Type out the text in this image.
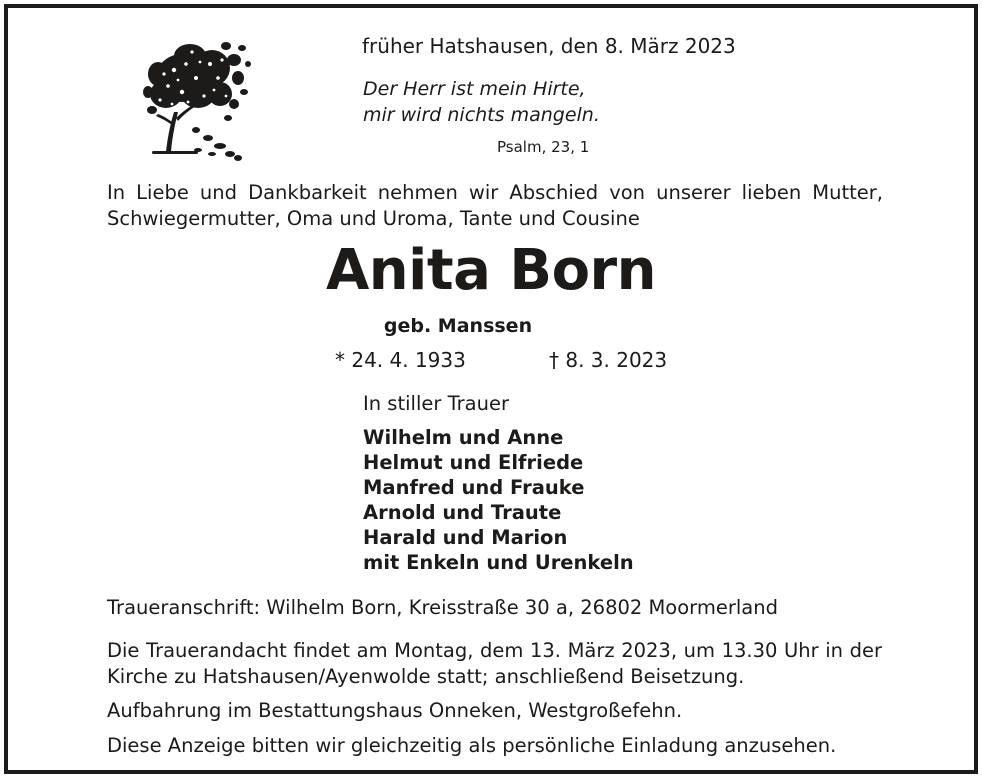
früher Hatshausen, den 8. März 2023
Der Herr ist mein Hirte,
mir wird nichts mangeln.
Psalm, 23, 1
In Liebe und Dankbarkeit nehmen wir Abschied von unserer lieben Mutter, Schwiegermutter, Oma und Uroma, Tante und Cousine
Anita Born
geb. Manssen
* 24. 4. 1933	† 8. 3. 2023
In stiller Trauer
Wilhelm und Anne
Helmut und Elfriede
Manfred und Frauke
Arnold und Traute
Harald und Marion
mit Enkeln und Urenkeln
Traueranschrift: Wilhelm Born, Kreisstraße 30 a, 26802 Moormerland
Die Trauerandacht findet am Montag, dem 13. März 2023, um 13.30 Uhr in der Kirche zu Hatshausen/Ayenwolde statt; anschließend Beisetzung.
Aufbahrung im Bestattungshaus Onneken, Westgroßefehn.
Diese Anzeige bitten wir gleichzeitig als persönliche Einladung anzusehen.
